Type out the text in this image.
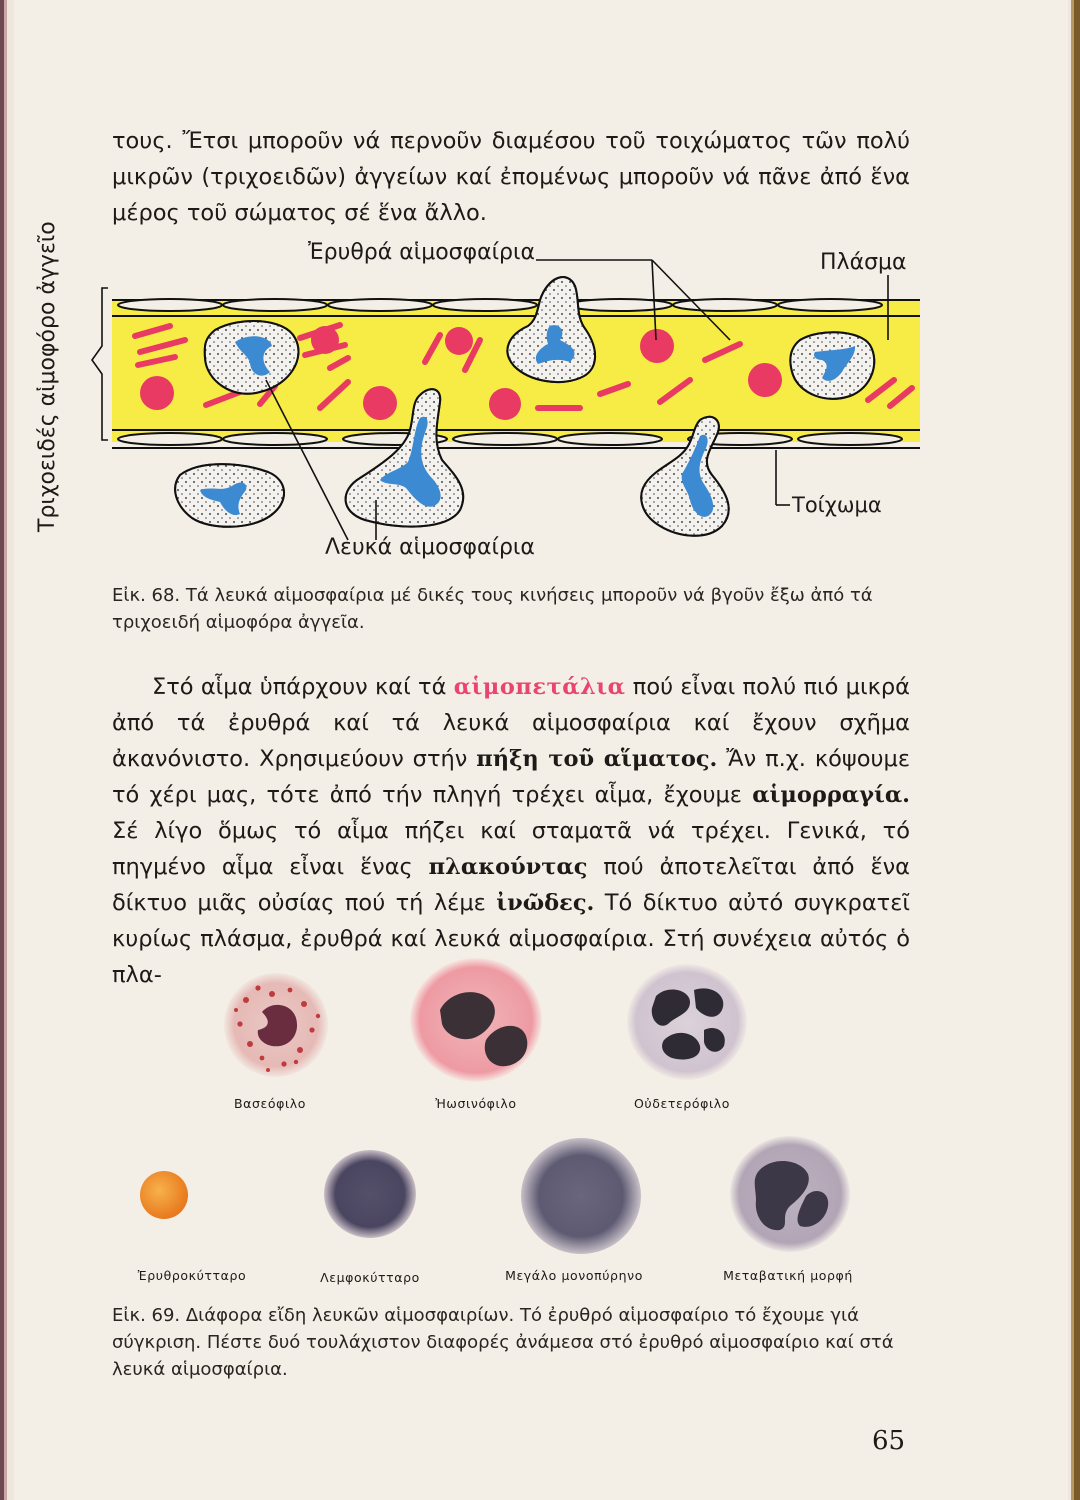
τους. Ἔτσι μποροῦν νά περνοῦν διαμέσου τοῦ τοιχώματος τῶν πολύ μικρῶν (τριχοειδῶν) ἀγγείων καί ἐπομένως μποροῦν νά πᾶνε ἀπό ἕνα μέρος τοῦ σώματος σέ ἕνα ἄλλο.

Ἐρυθρά αἱμοσφαίρια	Πλάσμα
Τοίχωμα
Λευκά αἱμοσφαίρια
Τριχοειδές αἱμοφόρο ἀγγεῖο

Εἰκ. 68. Τά λευκά αἱμοσφαίρια μέ δικές τους κινήσεις μποροῦν νά βγοῦν ἔξω ἀπό τά τριχοειδή αἱμοφόρα ἀγγεῖα.

Στό αἷμα ὑπάρχουν καί τά αἱμοπετάλια πού εἶναι πολύ πιό μικρά ἀπό τά ἐρυθρά καί τά λευκά αἱμοσφαίρια καί ἔχουν σχῆμα ἀκανόνιστο. Χρησιμεύουν στήν πήξη τοῦ αἵματος. Ἄν π.χ. κόψουμε τό χέρι μας, τότε ἀπό τήν πληγή τρέχει αἷμα, ἔχουμε αἱμορραγία. Σέ λίγο ὅμως τό αἷμα πήζει καί σταματᾶ νά τρέχει. Γενικά, τό πηγμένο αἷμα εἶναι ἕνας πλακούντας πού ἀποτελεῖται ἀπό ἕνα δίκτυο μιᾶς οὐσίας πού τή λέμε ἰνῶδες. Τό δίκτυο αὐτό συγκρατεῖ κυρίως πλάσμα, ἐρυθρά καί λευκά αἱμοσφαίρια. Στή συνέχεια αὐτός ὁ πλα-
Βασεόφιλο	Ἠωσινόφιλο	Οὐδετερόφιλο
Ἐρυθροκύτταρο	Λεμφοκύτταρο	Μεγάλο μονοπύρηνο	Μεταβατική μορφή

Εἰκ. 69. Διάφορα εἴδη λευκῶν αἱμοσφαιρίων. Τό ἐρυθρό αἱμοσφαίριο τό ἔχουμε γιά σύγκριση. Πέστε δυό τουλάχιστον διαφορές ἀνάμεσα στό ἐρυθρό αἱμοσφαίριο καί στά λευκά αἱμοσφαίρια.

65
